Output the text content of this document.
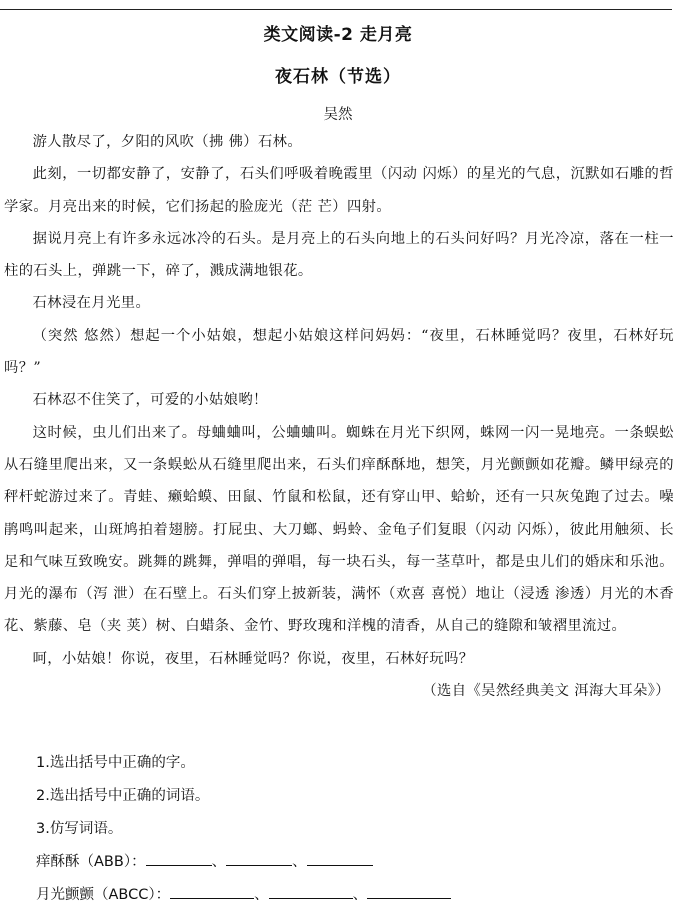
类文阅读-2 走月亮
夜石林（节选）
吴然

游人散尽了，夕阳的风吹（拂 佛）石林。

此刻，一切都安静了，安静了，石头们呼吸着晚霞里（闪动 闪烁）的星光的气息，沉默如石雕的哲学家。月亮出来的时候，它们扬起的脸庞光（茫 芒）四射。

据说月亮上有许多永远冰冷的石头。是月亮上的石头向地上的石头问好吗？月光冷凉，落在一柱一柱的石头上，弹跳一下，碎了，溅成满地银花。

石林浸在月光里。

（突然 悠然）想起一个小姑娘，想起小姑娘这样问妈妈：“夜里，石林睡觉吗？夜里，石林好玩吗？”

石林忍不住笑了，可爱的小姑娘哟！

这时候，虫儿们出来了。母蛐蛐叫，公蛐蛐叫。蜘蛛在月光下织网，蛛网一闪一晃地亮。一条蜈蚣从石缝里爬出来，又一条蜈蚣从石缝里爬出来，石头们痒酥酥地，想笑，月光颤颤如花瓣。鳞甲绿亮的秤杆蛇游过来了。青蛙、癞蛤蟆、田鼠、竹鼠和松鼠，还有穿山甲、蛤蚧，还有一只灰兔跑了过去。噪鹃鸣叫起来，山斑鸠拍着翅膀。打屁虫、大刀螂、蚂蛉、金龟子们复眼（闪动 闪烁），彼此用触须、长足和气味互致晚安。跳舞的跳舞，弹唱的弹唱，每一块石头，每一茎草叶，都是虫儿们的婚床和乐池。月光的瀑布（泻 泄）在石壁上。石头们穿上披新装，满怀（欢喜 喜悦）地让（浸透 渗透）月光的木香花、紫藤、皂（夹 荚）树、白蜡条、金竹、野玫瑰和洋槐的清香，从自己的缝隙和皱褶里流过。

呵，小姑娘！你说，夜里，石林睡觉吗？你说，夜里，石林好玩吗？

（选自《吴然经典美文 洱海大耳朵》）

1.选出括号中正确的字。
2.选出括号中正确的词语。
3.仿写词语。
痒酥酥（ABB）：	、	、
月光颤颤（ABCC）：	、	、
